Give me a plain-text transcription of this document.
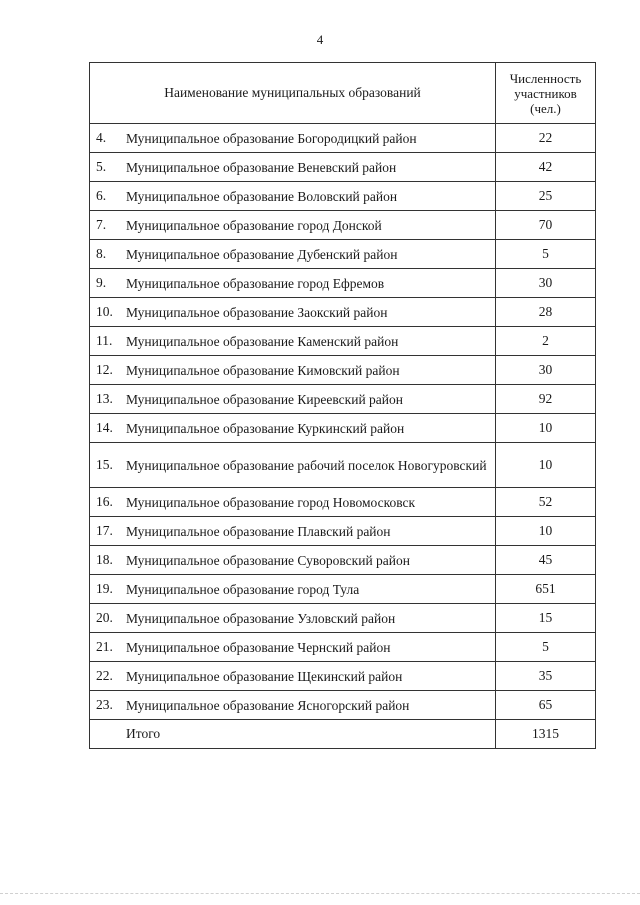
4
Наименование муниципальных образований	Численность
участников
(чел.)

4. Муниципальное образование Богородицкий район	22

5. Муниципальное образование Веневский район	42

6. Муниципальное образование Воловский район	25

7. Муниципальное образование город Донской	70

8. Муниципальное образование Дубенский район	5

9. Муниципальное образование город Ефремов	30

10. Муниципальное образование Заокский район	28

11. Муниципальное образование Каменский район	2

12. Муниципальное образование Кимовский район	30

13. Муниципальное образование Киреевский район	92

14. Муниципальное образование Куркинский район	10

15. Муниципальное образование рабочий поселок Новогуровский	10

16. Муниципальное образование город Новомосковск	52

17. Муниципальное образование Плавский район	10

18. Муниципальное образование Суворовский район	45

19. Муниципальное образование город Тула	651

20. Муниципальное образование Узловский район	15

21. Муниципальное образование Чернский район	5

22. Муниципальное образование Щекинский район	35

23. Муниципальное образование Ясногорский район	65
Итого	1315
